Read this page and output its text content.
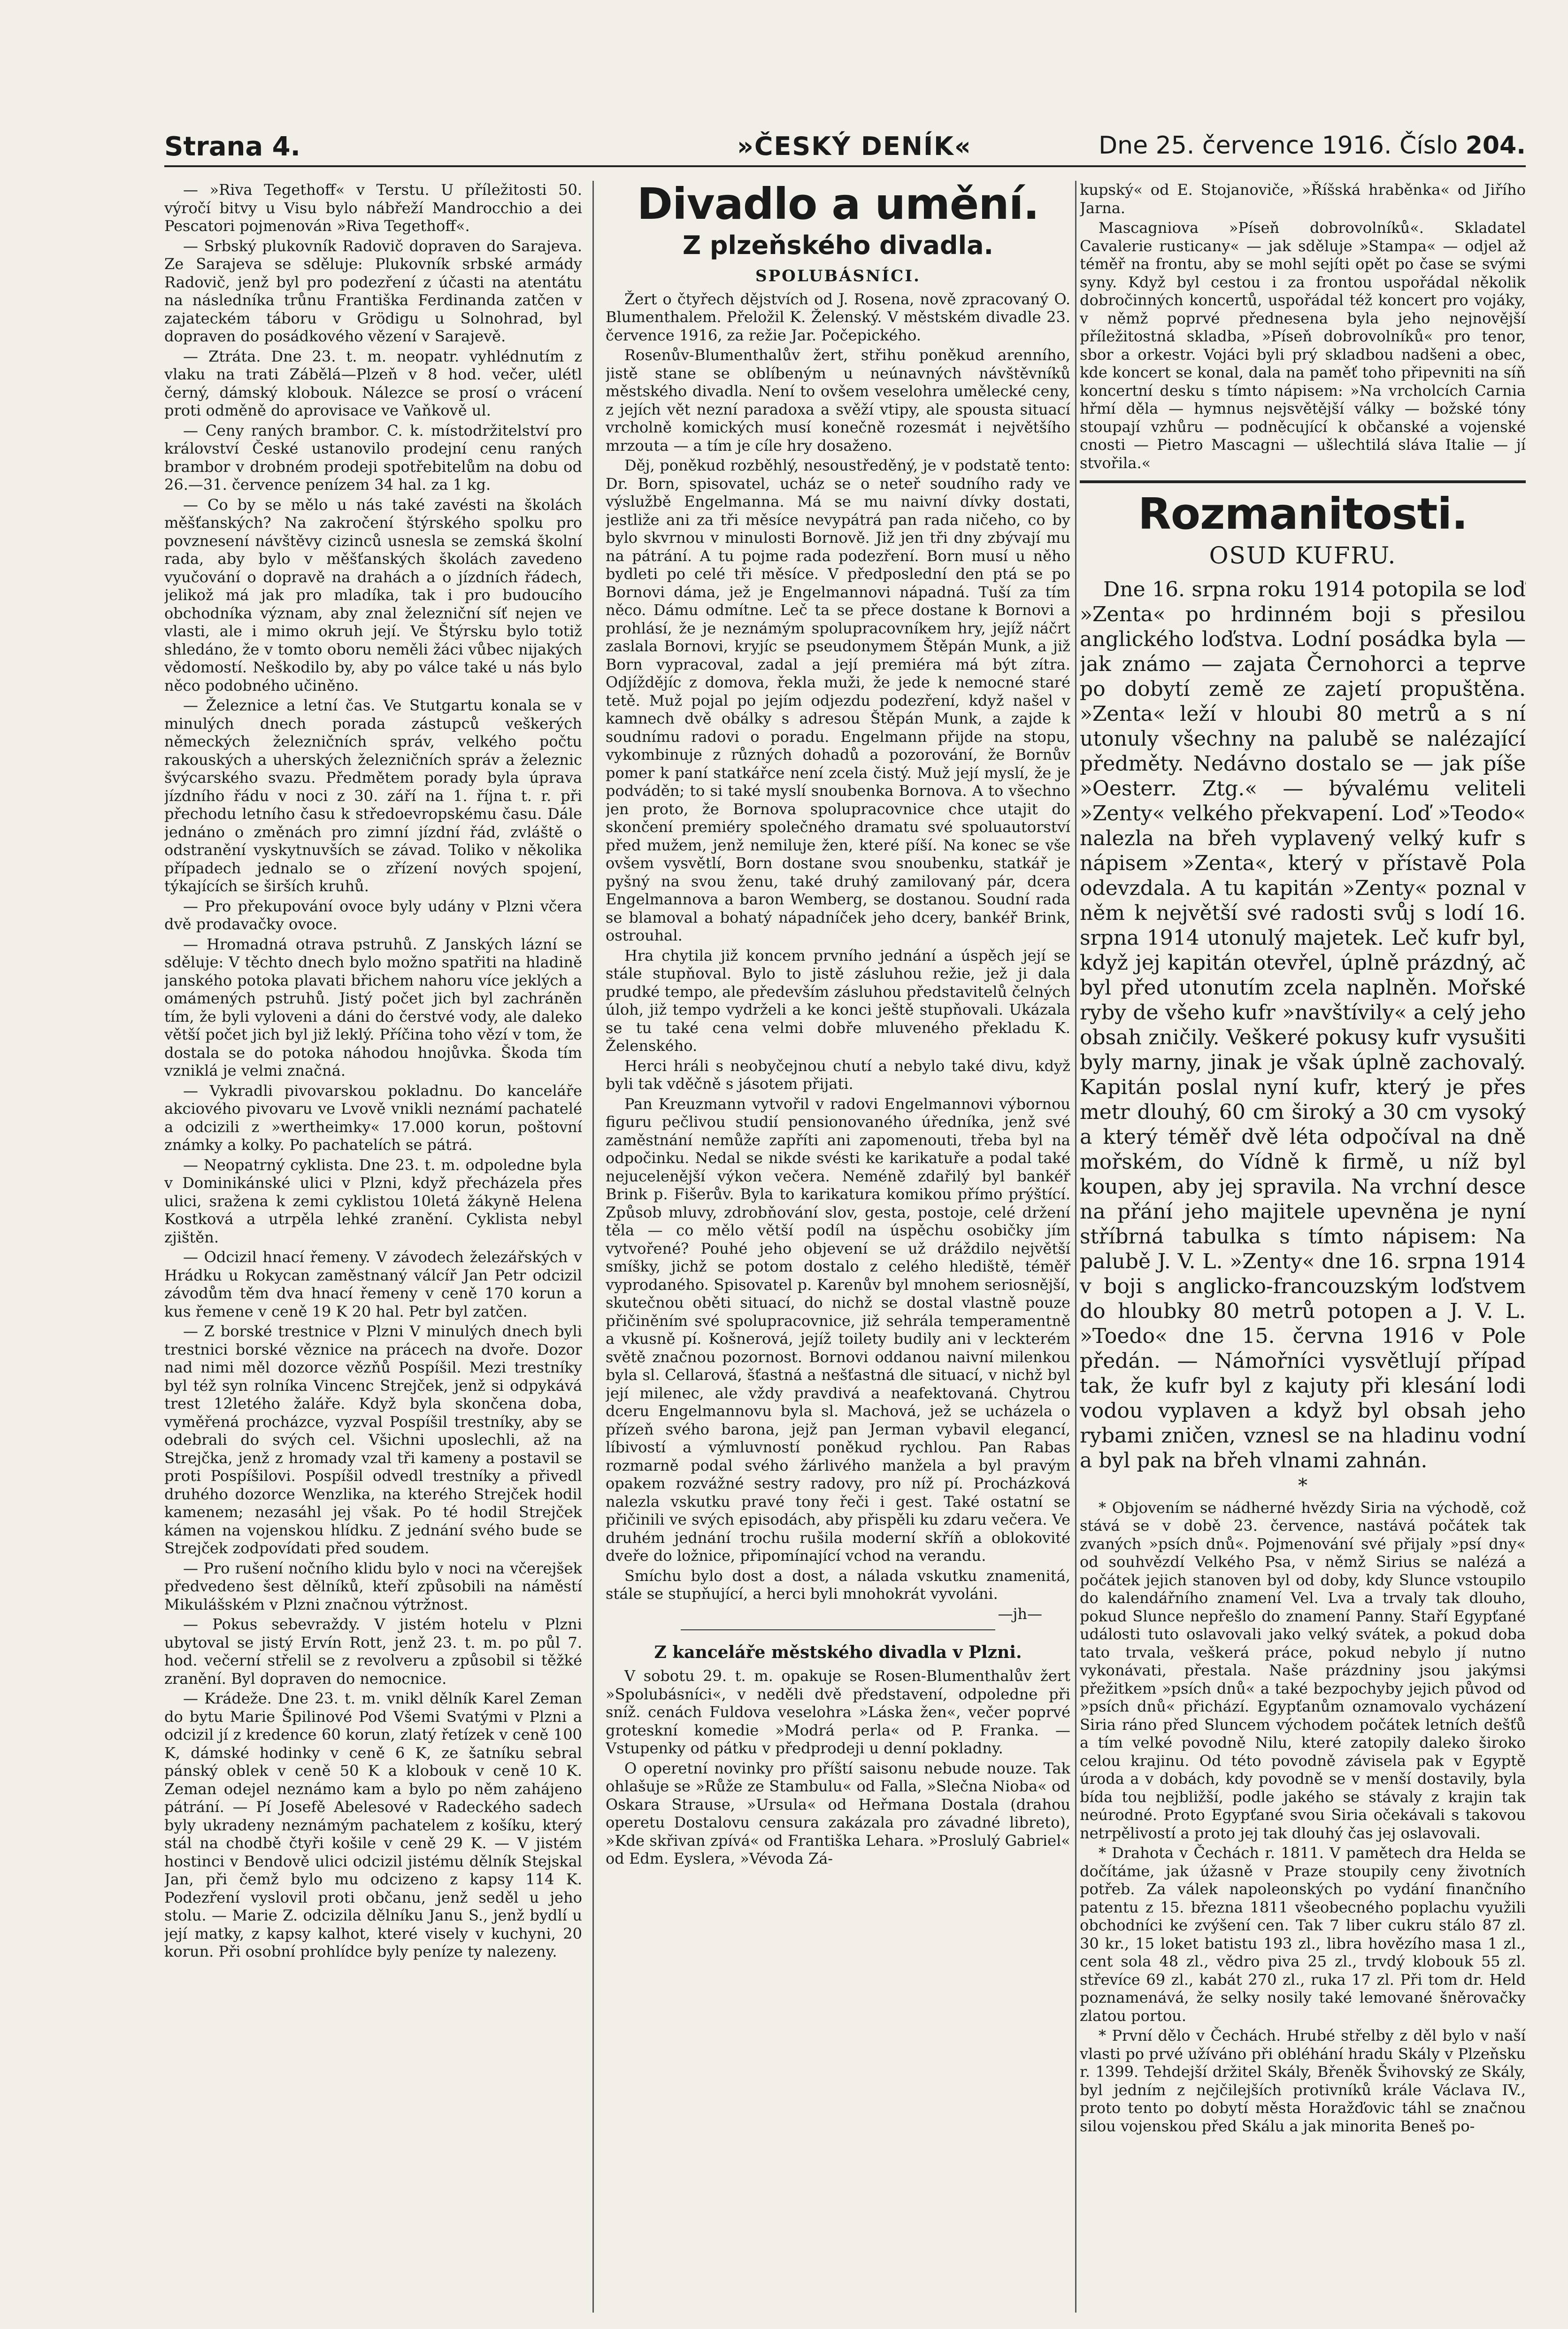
Strana 4.	»ČESKÝ DENÍK«	Dne 25. července 1916. Číslo 204.

— »Riva Tegethoff« v Terstu. U příležitosti 50. výročí bitvy u Visu bylo nábřeží Mandrocchio a dei Pescatori pojmenován »Riva Tegethoff«.

— Srbský plukovník Radovič dopraven do Sarajeva. Ze Sarajeva se sděluje: Plukovník srbské armády Radovič, jenž byl pro podezření z účasti na atentátu na následníka trůnu Františka Ferdinanda zatčen v zajateckém táboru v Grödigu u Solnohrad, byl dopraven do posádkového vězení v Sarajevě.

— Ztráta. Dne 23. t. m. neopatr. vyhlédnutím z vlaku na trati Zábělá—Plzeň v 8 hod. večer, ulétl černý, dámský klobouk. Nálezce se prosí o vrácení proti odměně do aprovisace ve Vaňkově ul.

— Ceny raných brambor. C. k. místodržitelství pro království České ustanovilo prodejní cenu raných brambor v drobném prodeji spotřebitelům na dobu od 26.—31. července penízem 34 hal. za 1 kg.

— Co by se mělo u nás také zavésti na školách měšťanských? Na zakročení štýrského spolku pro povznesení návštěvy cizinců usnesla se zemská školní rada, aby bylo v měšťanských školách zavedeno vyučování o dopravě na drahách a o jízdních řádech, jelikož má jak pro mladíka, tak i pro budoucího obchodníka význam, aby znal železniční síť nejen ve vlasti, ale i mimo okruh její. Ve Štýrsku bylo totiž shledáno, že v tomto oboru neměli žáci vůbec nijakých vědomostí. Neškodilo by, aby po válce také u nás bylo něco podobného učiněno.

— Železnice a letní čas. Ve Stutgartu konala se v minulých dnech porada zástupců veškerých německých železničních správ, velkého počtu rakouských a uherských železničních správ a železnic švýcarského svazu. Předmětem porady byla úprava jízdního řádu v noci z 30. září na 1. října t. r. při přechodu letního času k středoevropskému času. Dále jednáno o změnách pro zimní jízdní řád, zvláště o odstranění vyskytnuvších se závad. Toliko v několika případech jednalo se o zřízení nových spojení, týkajících se širších kruhů.

— Pro překupování ovoce byly udány v Plzni včera dvě prodavačky ovoce.

— Hromadná otrava pstruhů. Z Janských lázní se sděluje: V těchto dnech bylo možno spatřiti na hladině janského potoka plavati břichem nahoru více jeklých a omámených pstruhů. Jistý počet jich byl zachráněn tím, že byli vyloveni a dáni do čerstvé vody, ale daleko větší počet jich byl již leklý. Příčina toho vězí v tom, že dostala se do potoka náhodou hnojůvka. Škoda tím vzniklá je velmi značná.

— Vykradli pivovarskou pokladnu. Do kanceláře akciového pivovaru ve Lvově vnikli neznámí pachatelé a odcizili z »wertheimky« 17.000 korun, poštovní známky a kolky. Po pachatelích se pátrá.

— Neopatrný cyklista. Dne 23. t. m. odpoledne byla v Dominikánské ulici v Plzni, když přecházela přes ulici, sražena k zemi cyklistou 10letá žákyně Helena Kostková a utrpěla lehké zranění. Cyklista nebyl zjištěn.

— Odcizil hnací řemeny. V závodech železářských v Hrádku u Rokycan zaměstnaný válcíř Jan Petr odcizil závodům těm dva hnací řemeny v ceně 170 korun a kus řemene v ceně 19 K 20 hal. Petr byl zatčen.

— Z borské trestnice v Plzni V minulých dnech byli trestnici borské věznice na prácech na dvoře. Dozor nad nimi měl dozorce vězňů Pospíšil. Mezi trestníky byl též syn rolníka Vincenc Strejček, jenž si odpykává trest 12letého žaláře. Když byla skončena doba, vyměřená procházce, vyzval Pospíšil trestníky, aby se odebrali do svých cel. Všichni uposlechli, až na Strejčka, jenž z hromady vzal tři kameny a postavil se proti Pospíšilovi. Pospíšil odvedl trestníky a přivedl druhého dozorce Wenzlika, na kterého Strejček hodil kamenem; nezasáhl jej však. Po té hodil Strejček kámen na vojenskou hlídku. Z jednání svého bude se Strejček zodpovídati před soudem.

— Pro rušení nočního klidu bylo v noci na včerejšek předvedeno šest dělníků, kteří způsobili na náměstí Mikulášském v Plzni značnou výtržnost.

— Pokus sebevraždy. V jistém hotelu v Plzni ubytoval se jistý Ervín Rott, jenž 23. t. m. po půl 7. hod. večerní střelil se z revolveru a způsobil si těžké zranění. Byl dopraven do nemocnice.

— Krádeže. Dne 23. t. m. vnikl dělník Karel Zeman do bytu Marie Špilinové Pod Všemi Svatými v Plzni a odcizil jí z kredence 60 korun, zlatý řetízek v ceně 100 K, dámské hodinky v ceně 6 K, ze šatníku sebral pánský oblek v ceně 50 K a klobouk v ceně 10 K. Zeman odejel neznámo kam a bylo po něm zahájeno pátrání. — Pí Josefě Abelesové v Radeckého sadech byly ukradeny neznámým pachatelem z košíku, který stál na chodbě čtyři košile v ceně 29 K. — V jistém hostinci v Bendově ulici odcizil jistému dělník Stejskal Jan, při čemž bylo mu odcizeno z kapsy 114 K. Podezření vyslovil proti občanu, jenž seděl u jeho stolu. — Marie Z. odcizila dělníku Janu S., jenž bydlí u její matky, z kapsy kalhot, které visely v kuchyni, 20 korun. Při osobní prohlídce byly peníze ty nalezeny.

Divadlo a umění.
Z plzeňského divadla.
SPOLUBÁSNÍCI.

Žert o čtyřech dějstvích od J. Rosena, nově zpracovaný O. Blumenthalem. Přeložil K. Želenský. V městském divadle 23. července 1916, za režie Jar. Počepického.

Rosenův-Blumenthalův žert, střihu poněkud arenního, jistě stane se oblíbeným u neúnavných návštěvníků městského divadla. Není to ovšem veselohra umělecké ceny, z jejích vět nezní paradoxa a svěží vtipy, ale spousta situací vrcholně komických musí konečně rozesmát i největšího mrzouta — a tím je cíle hry dosaženo.

Děj, poněkud rozběhlý, nesoustředěný, je v podstatě tento: Dr. Born, spisovatel, ucház se o neteř soudního rady ve výslužbě Engelmanna. Má se mu naivní dívky dostati, jestliže ani za tři měsíce nevypátrá pan rada ničeho, co by bylo skvrnou v minulosti Bornově. Již jen tři dny zbývají mu na pátrání. A tu pojme rada podezření. Born musí u něho bydleti po celé tři měsíce. V předposlední den ptá se po Bornovi dáma, jež je Engelmannovi nápadná. Tuší za tím něco. Dámu odmítne. Leč ta se přece dostane k Bornovi a prohlásí, že je neznámým spolupracovníkem hry, jejíž náčrt zaslala Bornovi, kryjíc se pseudonymem Štěpán Munk, a již Born vypracoval, zadal a její premiéra má být zítra. Odjíždějíc z domova, řekla muži, že jede k nemocné staré tetě. Muž pojal po jejím odjezdu podezření, když našel v kamnech dvě obálky s adresou Štěpán Munk, a zajde k soudnímu radovi o poradu. Engelmann přijde na stopu, vykombinuje z různých dohadů a pozorování, že Bornův pomer k paní statkářce není zcela čistý. Muž její myslí, že je podváděn; to si také myslí snoubenka Bornova. A to všechno jen proto, že Bornova spolupracovnice chce utajit do skončení premiéry společného dramatu své spoluautorství před mužem, jenž nemiluje žen, které píší. Na konec se vše ovšem vysvětlí, Born dostane svou snoubenku, statkář je pyšný na svou ženu, také druhý zamilovaný pár, dcera Engelmannova a baron Wemberg, se dostanou. Soudní rada se blamoval a bohatý nápadníček jeho dcery, bankéř Brink, ostrouhal.

Hra chytila již koncem prvního jednání a úspěch její se stále stupňoval. Bylo to jistě zásluhou režie, jež ji dala prudké tempo, ale především zásluhou představitelů čelných úloh, již tempo vydrželi a ke konci ještě stupňovali. Ukázala se tu také cena velmi dobře mluveného překladu K. Želenského.

Herci hráli s neobyčejnou chutí a nebylo také divu, když byli tak vděčně s jásotem přijati.

Pan Kreuzmann vytvořil v radovi Engelmannovi výbornou figuru pečlivou studií pensionovaného úředníka, jenž své zaměstnání nemůže zapříti ani zapomenouti, třeba byl na odpočinku. Nedal se nikde svésti ke karikatuře a podal také nejucelenější výkon večera. Neméně zdařilý byl bankéř Brink p. Fišerův. Byla to karikatura komikou přímo prýštící. Způsob mluvy, zdrobňování slov, gesta, postoje, celé držení těla — co mělo větší podíl na úspěchu osobičky jím vytvořené? Pouhé jeho objevení se už dráždilo největší smíšky, jichž se potom dostalo z celého hlediště, téměř vyprodaného. Spisovatel p. Karenův byl mnohem seriosnější, skutečnou oběti situací, do nichž se dostal vlastně pouze přičiněním své spolupracovnice, již sehrála temperamentně a vkusně pí. Košnerová, jejíž toilety budily ani v leckterém světě značnou pozornost. Bornovi oddanou naivní milenkou byla sl. Cellarová, šťastná a nešťastná dle situací, v nichž byl její milenec, ale vždy pravdivá a neafektovaná. Chytrou dceru Engelmannovu byla sl. Machová, jež se ucházela o přízeň svého barona, jejž pan Jerman vybavil elegancí, líbivostí a výmluvností poněkud rychlou. Pan Rabas rozmarně podal svého žárlivého manžela a byl pravým opakem rozvážné sestry radovy, pro níž pí. Procházková nalezla vskutku pravé tony řeči i gest. Také ostatní se přičinili ve svých episodách, aby přispěli ku zdaru večera. Ve druhém jednání trochu rušila moderní skříň a oblokovité dveře do ložnice, připomínající vchod na verandu.

Smíchu bylo dost a dost, a nálada vskutku znamenitá, stále se stupňující, a herci byli mnohokrát vyvoláni.

—jh—
Z kanceláře městského divadla v Plzni.

V sobotu 29. t. m. opakuje se Rosen-Blumenthalův žert »Spolubásníci«, v neděli dvě představení, odpoledne při sníž. cenách Fuldova veselohra »Láska žen«, večer poprvé groteskní komedie »Modrá perla« od P. Franka. — Vstupenky od pátku v předprodeji u denní pokladny.

O operetní novinky pro příští saisonu nebude nouze. Tak ohlašuje se »Růže ze Stambulu« od Falla, »Slečna Nioba« od Oskara Strause, »Ursula« od Heřmana Dostala (drahou operetu Dostalovu censura zakázala pro závadné libreto), »Kde skřivan zpívá« od Františka Lehara. »Proslulý Gabriel« od Edm. Eyslera, »Vévoda Zá-

kupský« od E. Stojanoviče, »Říšská hraběnka« od Jiřího Jarna.

Mascagniova »Píseň dobrovolníků«. Skladatel Cavalerie rusticany« — jak sděluje »Stampa« — odjel až téměř na frontu, aby se mohl sejíti opět po čase se svými syny. Když byl cestou i za frontou uspořádal několik dobročinných koncertů, uspořádal též koncert pro vojáky, v němž poprvé přednesena byla jeho nejnovější příležitostná skladba, »Píseň dobrovolníků« pro tenor, sbor a orkestr. Vojáci byli prý skladbou nadšeni a obec, kde koncert se konal, dala na paměť toho připevniti na síň koncertní desku s tímto nápisem: »Na vrcholcích Carnia hřmí děla — hymnus nejsvětější války — božské tóny stoupají vzhůru — podněcující k občanské a vojenské cnosti — Pietro Mascagni — ušlechtilá sláva Italie — jí stvořila.«

Rozmanitosti.
OSUD KUFRU.

Dne 16. srpna roku 1914 potopila se loď »Zenta« po hrdinném boji s přesilou anglického loďstva. Lodní posádka byla — jak známo — zajata Černohorci a teprve po dobytí země ze zajetí propuštěna. »Zenta« leží v hloubi 80 metrů a s ní utonuly všechny na palubě se nalézající předměty. Nedávno dostalo se — jak píše »Oesterr. Ztg.« — bývalému veliteli »Zenty« velkého překvapení. Loď »Teodo« nalezla na břeh vyplavený velký kufr s nápisem »Zenta«, který v přístavě Pola odevzdala. A tu kapitán »Zenty« poznal v něm k největší své radosti svůj s lodí 16. srpna 1914 utonulý majetek. Leč kufr byl, když jej kapitán otevřel, úplně prázdný, ač byl před utonutím zcela naplněn. Mořské ryby de všeho kufr »navštívily« a celý jeho obsah zničily. Veškeré pokusy kufr vysušiti byly marny, jinak je však úplně zachovalý. Kapitán poslal nyní kufr, který je přes metr dlouhý, 60 cm široký a 30 cm vysoký a který téměř dvě léta odpočíval na dně mořském, do Vídně k firmě, u níž byl koupen, aby jej spravila. Na vrchní desce na přání jeho majitele upevněna je nyní stříbrná tabulka s tímto nápisem: Na palubě J. V. L. »Zenty« dne 16. srpna 1914 v boji s anglicko-francouzským loďstvem do hloubky 80 metrů potopen a J. V. L. »Toedo« dne 15. června 1916 v Pole předán. — Námořníci vysvětlují případ tak, že kufr byl z kajuty při klesání lodi vodou vyplaven a když byl obsah jeho rybami zničen, vznesl se na hladinu vodní a byl pak na břeh vlnami zahnán.

*

* Objovením se nádherné hvězdy Siria na východě, což stává se v době 23. července, nastává počátek tak zvaných »psích dnů«. Pojmenování své přijaly »psí dny« od souhvězdí Velkého Psa, v němž Sirius se nalézá a počátek jejich stanoven byl od doby, kdy Slunce vstoupilo do kalendářního znamení Vel. Lva a trvaly tak dlouho, pokud Slunce nepřešlo do znamení Panny. Staří Egypťané události tuto oslavovali jako velký svátek, a pokud doba tato trvala, veškerá práce, pokud nebylo jí nutno vykonávati, přestala. Naše prázdniny jsou jakýmsi přežitkem »psích dnů« a také bezpochyby jejich původ od »psích dnů« přichází. Egypťanům oznamovalo vycházení Siria ráno před Sluncem východem počátek letních dešťů a tím velké povodně Nilu, které zatopily daleko široko celou krajinu. Od této povodně závisela pak v Egyptě úroda a v dobách, kdy povodně se v menší dostavily, byla bída tou nejbližší, podle jakého se stávaly z krajin tak neúrodné. Proto Egypťané svou Siria očekávali s takovou netrpělivostí a proto jej tak dlouhý čas jej oslavovali.

* Drahota v Čechách r. 1811. V pamětech dra Helda se dočítáme, jak úžasně v Praze stoupily ceny životních potřeb. Za válek napoleonských po vydání finančního patentu z 15. března 1811 všeobecného poplachu využili obchodníci ke zvýšení cen. Tak 7 liber cukru stálo 87 zl. 30 kr., 15 loket batistu 193 zl., libra hovězího masa 1 zl., cent sola 48 zl., vědro piva 25 zl., trvdý klobouk 55 zl. střevíce 69 zl., kabát 270 zl., ruka 17 zl. Při tom dr. Held poznamenává, že selky nosily také lemované šněrovačky zlatou portou.

* První dělo v Čechách. Hrubé střelby z děl bylo v naší vlasti po prvé užíváno při obléhání hradu Skály v Plzeňsku r. 1399. Tehdejší držitel Skály, Břeněk Švihovský ze Skály, byl jedním z nejčilejších protivníků krále Václava IV., proto tento po dobytí města Horažďovic táhl se značnou silou vojenskou před Skálu a jak minorita Beneš po-
